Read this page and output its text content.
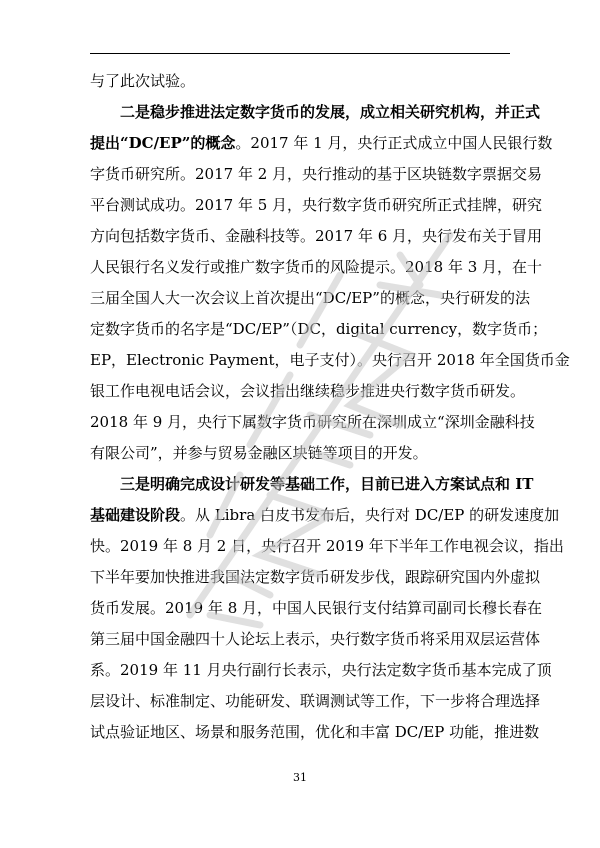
与了此次试验。
二是稳步推进法定数字货币的发展，成立相关研究机构，并正式
提出“DC/EP”的概念。2017 年 1 月，央行正式成立中国人民银行数
字货币研究所。2017 年 2 月，央行推动的基于区块链数字票据交易
平台测试成功。2017 年 5 月，央行数字货币研究所正式挂牌，研究
方向包括数字货币、金融科技等。2017 年 6 月，央行发布关于冒用
人民银行名义发行或推广数字货币的风险提示。2018 年 3 月，在十
三届全国人大一次会议上首次提出“DC/EP”的概念，央行研发的法
定数字货币的名字是“DC/EP”（DC，digital currency，数字货币；
EP，Electronic Payment，电子支付）。央行召开 2018 年全国货币金
银工作电视电话会议，会议指出继续稳步推进央行数字货币研发。
2018 年 9 月，央行下属数字货币研究所在深圳成立“深圳金融科技
有限公司”，并参与贸易金融区块链等项目的开发。
三是明确完成设计研发等基础工作，目前已进入方案试点和 IT
基础建设阶段。从 Libra 白皮书发布后，央行对 DC/EP 的研发速度加
快。2019 年 8 月 2 日，央行召开 2019 年下半年工作电视会议，指出
下半年要加快推进我国法定数字货币研发步伐，跟踪研究国内外虚拟
货币发展。2019 年 8 月，中国人民银行支付结算司副司长穆长春在
第三届中国金融四十人论坛上表示，央行数字货币将采用双层运营体
系。2019 年 11 月央行副行长表示，央行法定数字货币基本完成了顶
层设计、标准制定、功能研发、联调测试等工作，下一步将合理选择
试点验证地区、场景和服务范围，优化和丰富 DC/EP 功能，推进数
31
